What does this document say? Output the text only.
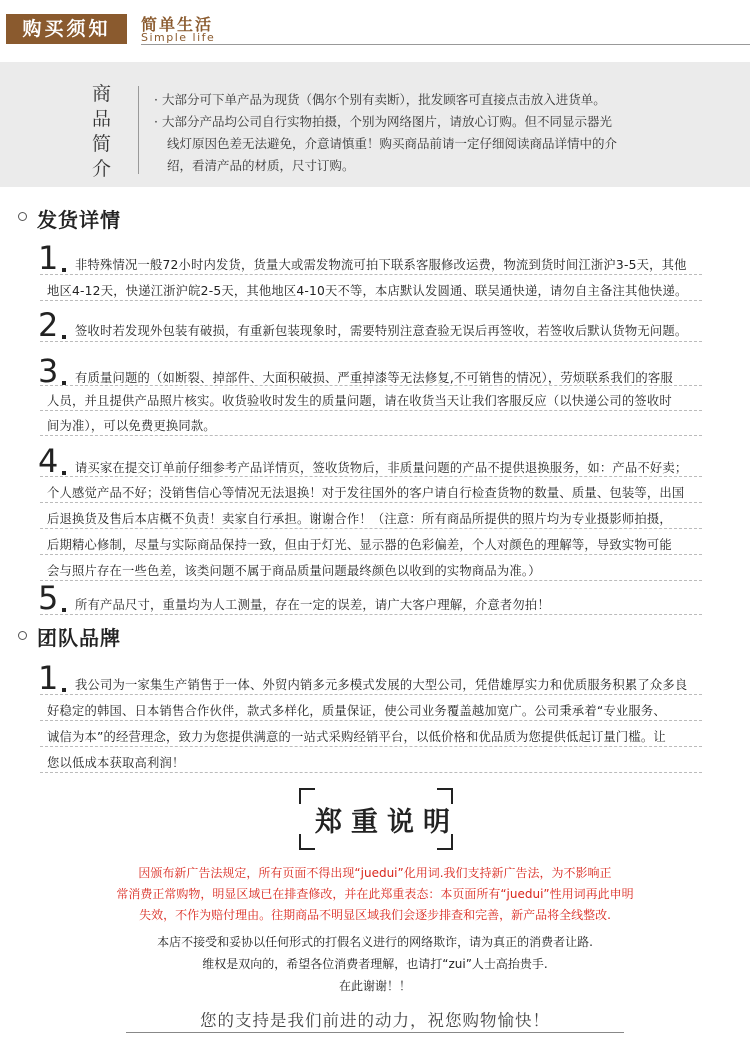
购买须知	简单生活
Simple life
商
品
简
介
· 大部分可下单产品为现货（偶尔个别有卖断），批发顾客可直接点击放入进货单。
· 大部分产品均公司自行实物拍摄，个别为网络图片，请放心订购。但不同显示器光
线灯原因色差无法避免，介意请慎重！购买商品前请一定仔细阅读商品详情中的介
绍，看清产品的材质，尺寸订购。
发货详情
1 非特殊情况一般72小时内发货，货量大或需发物流可拍下联系客服修改运费，物流到货时间江浙沪3-5天，其他
地区4-12天，快递江浙沪皖2-5天，其他地区4-10天不等，本店默认发圆通、联吴通快递，请勿自主备注其他快递。
2 签收时若发现外包装有破损，有重新包装现象时，需要特别注意查验无误后再签收，若签收后默认货物无问题。
3 有质量问题的（如断裂、掉部件、大面积破损、严重掉漆等无法修复,不可销售的情况），劳烦联系我们的客服
人员，并且提供产品照片核实。收货验收时发生的质量问题，请在收货当天让我们客服反应（以快递公司的签收时
间为准），可以免费更换同款。
4 请买家在提交订单前仔细参考产品详情页，签收货物后，非质量问题的产品不提供退换服务，如：产品不好卖；
个人感觉产品不好；没销售信心等情况无法退换！对于发往国外的客户请自行检查货物的数量、质量、包装等，出国
后退换货及售后本店概不负责！卖家自行承担。谢谢合作！（注意：所有商品所提供的照片均为专业摄影师拍摄，
后期精心修制，尽量与实际商品保持一致，但由于灯光、显示器的色彩偏差，个人对颜色的理解等，导致实物可能
会与照片存在一些色差，该类问题不属于商品质量问题最终颜色以收到的实物商品为准。）
5 所有产品尺寸，重量均为人工测量，存在一定的误差，请广大客户理解，介意者勿拍！
团队品牌
1 我公司为一家集生产销售于一体、外贸内销多元多模式发展的大型公司，凭借雄厚实力和优质服务积累了众多良
好稳定的韩国、日本销售合作伙伴，款式多样化，质量保证，使公司业务覆盖越加宽广。公司秉承着“专业服务、
诚信为本”的经营理念，致力为您提供满意的一站式采购经销平台，以低价格和优品质为您提供低起订量门槛。让
您以低成本获取高利润！
郑重说明
因颁布新广告法规定，所有页面不得出现“juedui”化用词.我们支持新广告法，为不影响正
常消费正常购物，明显区域已在排查修改，并在此郑重表态：本页面所有“juedui”性用词再此申明
失效，不作为赔付理由。往期商品不明显区域我们会逐步排查和完善，新产品将全线整改.
本店不接受和妥协以任何形式的打假名义进行的网络欺诈，请为真正的消费者让路.
维权是双向的，希望各位消费者理解，也请打“zui”人士高抬贵手.
在此谢谢！！
您的支持是我们前进的动力，祝您购物愉快！
